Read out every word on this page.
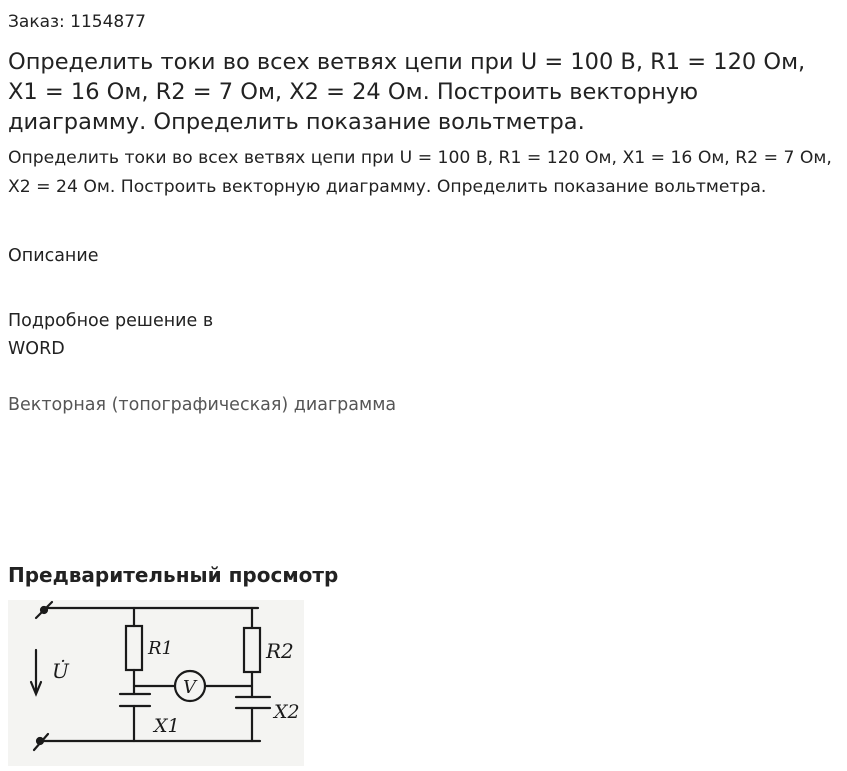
Заказ: 1154877
Определить токи во всех ветвях цепи при U = 100 В, R1 = 120 Ом, X1 = 16 Ом, R2 = 7 Ом, X2 = 24 Ом. Построить векторную диаграмму. Определить показание вольтметра.

Определить токи во всех ветвях цепи при U = 100 В, R1 = 120 Ом, X1 = 16 Ом, R2 = 7 Ом, X2 = 24 Ом. Построить векторную диаграмму. Определить показание вольтметра.

Описание
Подробное решение в WORD
Векторная (топографическая) диаграмма
Предварительный просмотр
U̇
R1	R2
X1
X2
V
